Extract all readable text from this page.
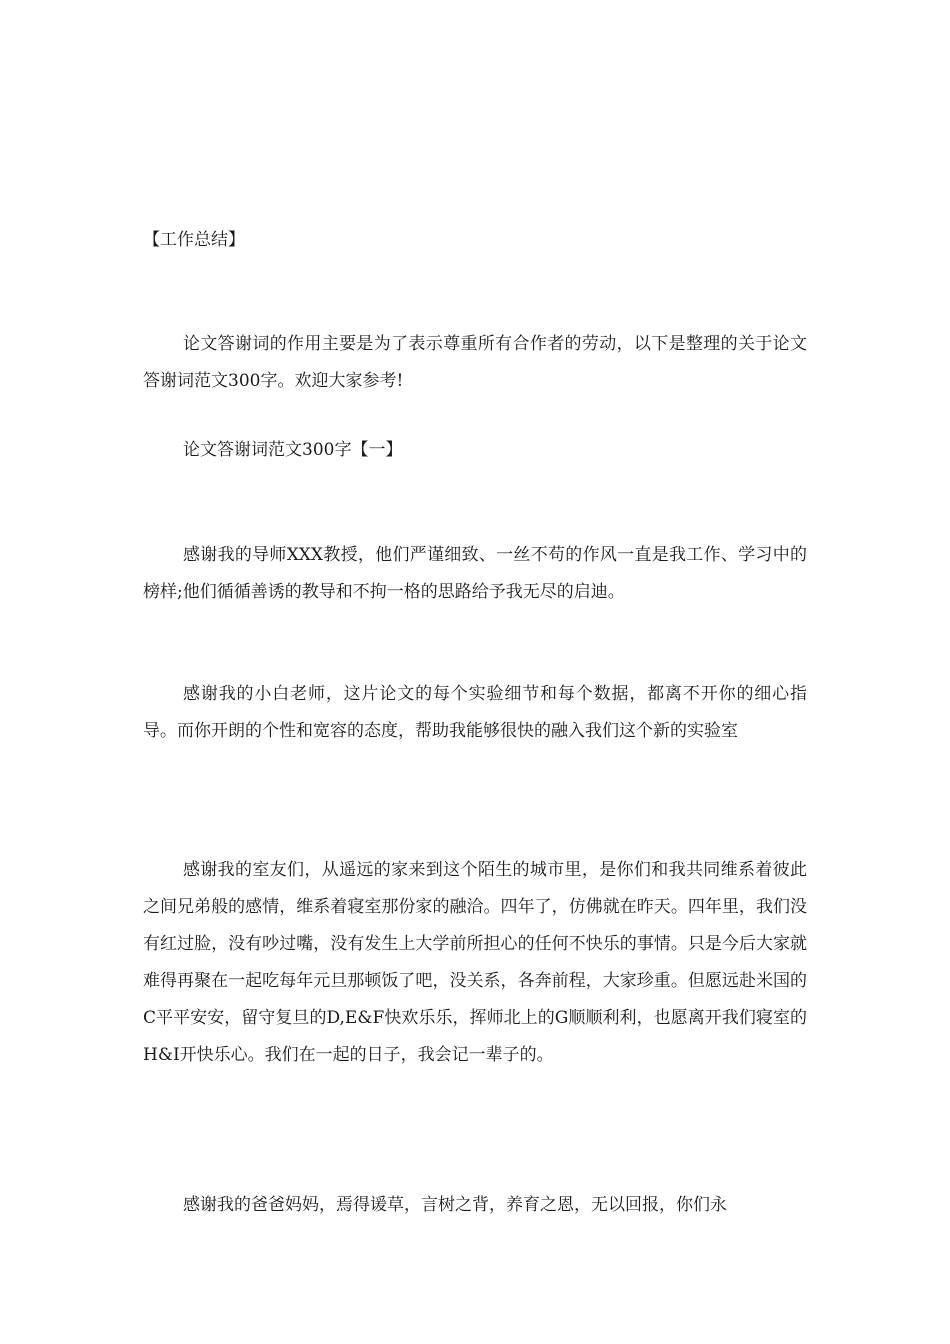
【工作总结】

论文答谢词的作用主要是为了表示尊重所有合作者的劳动，以下是整理的关于论文答谢词范文300字。欢迎大家参考!

论文答谢词范文300字【一】

感谢我的导师XXX教授，他们严谨细致、一丝不苟的作风一直是我工作、学习中的榜样;他们循循善诱的教导和不拘一格的思路给予我无尽的启迪。

感谢我的小白老师，这片论文的每个实验细节和每个数据，都离不开你的细心指导。而你开朗的个性和宽容的态度，帮助我能够很快的融入我们这个新的实验室

感谢我的室友们，从遥远的家来到这个陌生的城市里，是你们和我共同维系着彼此之间兄弟般的感情，维系着寝室那份家的融洽。四年了，仿佛就在昨天。四年里，我们没有红过脸，没有吵过嘴，没有发生上大学前所担心的任何不快乐的事情。只是今后大家就难得再聚在一起吃每年元旦那顿饭了吧，没关系，各奔前程，大家珍重。但愿远赴米国的C平平安安，留守复旦的D,E&F快欢乐乐，挥师北上的G顺顺利利，也愿离开我们寝室的H&I开快乐心。我们在一起的日子，我会记一辈子的。

感谢我的爸爸妈妈，焉得谖草，言树之背，养育之恩，无以回报，你们永
